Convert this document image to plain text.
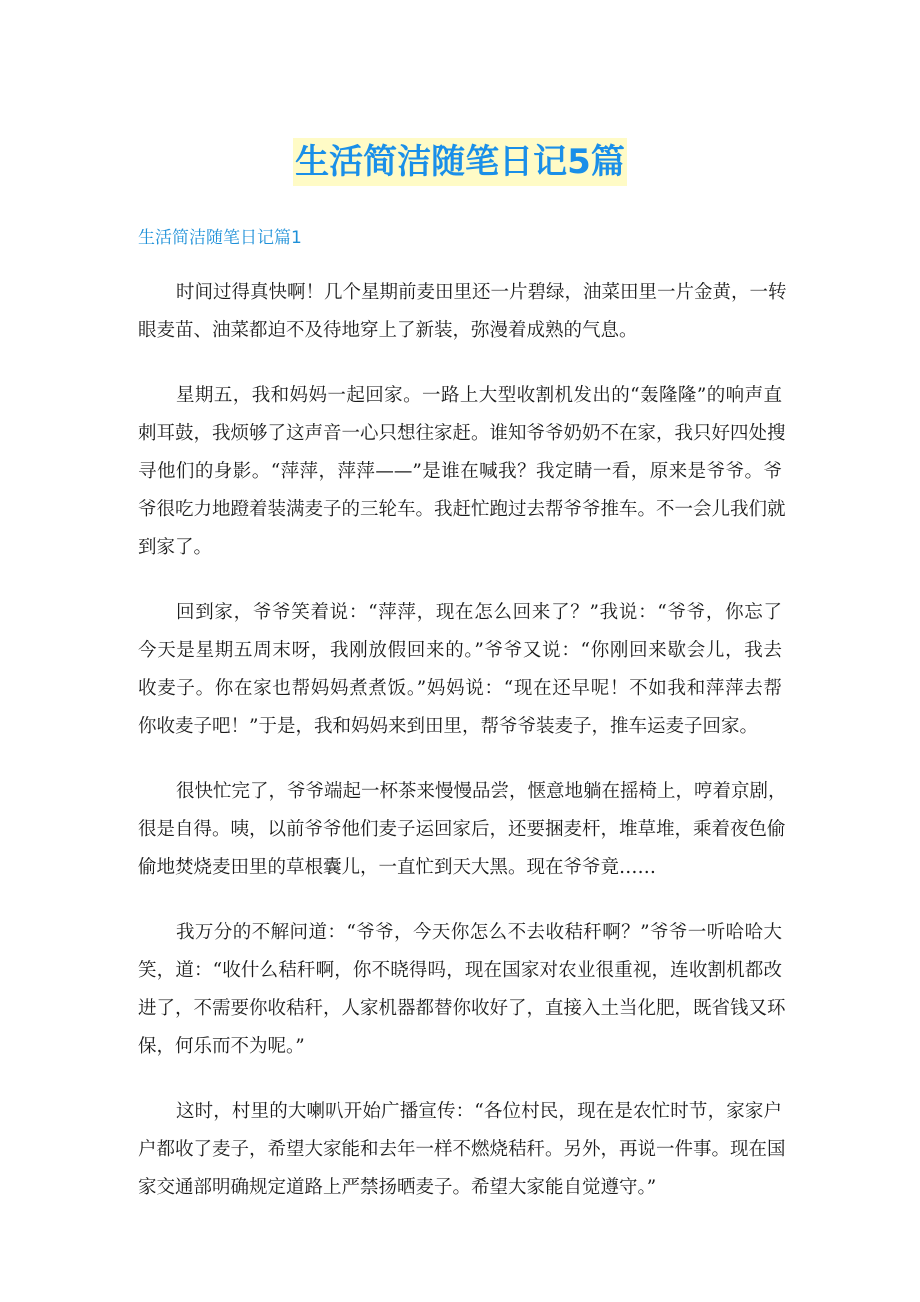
生活简洁随笔日记5篇
生活简洁随笔日记篇1
时间过得真快啊！几个星期前麦田里还一片碧绿，油菜田里一片金黄，一转
眼麦苗、油菜都迫不及待地穿上了新装，弥漫着成熟的气息。
星期五，我和妈妈一起回家。一路上大型收割机发出的“轰隆隆”的响声直
刺耳鼓，我烦够了这声音一心只想往家赶。谁知爷爷奶奶不在家，我只好四处搜
寻他们的身影。“萍萍，萍萍——”是谁在喊我？我定睛一看，原来是爷爷。爷
爷很吃力地蹬着装满麦子的三轮车。我赶忙跑过去帮爷爷推车。不一会儿我们就
到家了。
回到家，爷爷笑着说：“萍萍，现在怎么回来了？”我说：“爷爷，你忘了
今天是星期五周末呀，我刚放假回来的。”爷爷又说：“你刚回来歇会儿，我去
收麦子。你在家也帮妈妈煮煮饭。”妈妈说：“现在还早呢！不如我和萍萍去帮
你收麦子吧！”于是，我和妈妈来到田里，帮爷爷装麦子，推车运麦子回家。
很快忙完了，爷爷端起一杯茶来慢慢品尝，惬意地躺在摇椅上，哼着京剧，
很是自得。咦，以前爷爷他们麦子运回家后，还要捆麦杆，堆草堆，乘着夜色偷
偷地焚烧麦田里的草根囊儿，一直忙到天大黑。现在爷爷竟……
我万分的不解问道：“爷爷，今天你怎么不去收秸秆啊？”爷爷一听哈哈大
笑，道：“收什么秸秆啊，你不晓得吗，现在国家对农业很重视，连收割机都改
进了，不需要你收秸秆，人家机器都替你收好了，直接入土当化肥，既省钱又环
保，何乐而不为呢。”
这时，村里的大喇叭开始广播宣传：“各位村民，现在是农忙时节，家家户
户都收了麦子，希望大家能和去年一样不燃烧秸秆。另外，再说一件事。现在国
家交通部明确规定道路上严禁扬晒麦子。希望大家能自觉遵守。”
